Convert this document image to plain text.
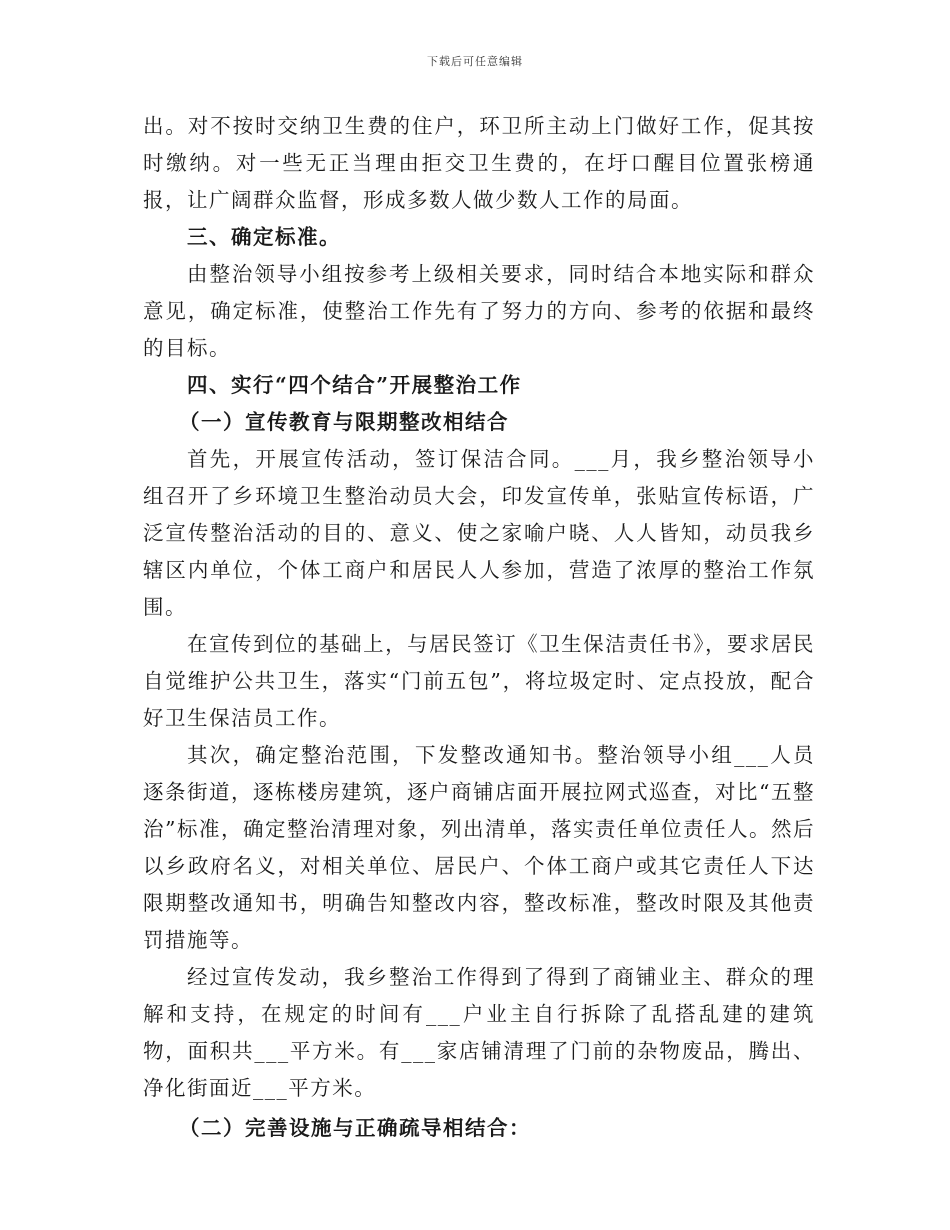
下载后可任意编辑

出。对不按时交纳卫生费的住户，环卫所主动上门做好工作，促其按时缴纳。对一些无正当理由拒交卫生费的，在圩口醒目位置张榜通报，让广阔群众监督，形成多数人做少数人工作的局面。

三、确定标准。

由整治领导小组按参考上级相关要求，同时结合本地实际和群众意见，确定标准，使整治工作先有了努力的方向、参考的依据和最终的目标。

四、实行“四个结合”开展整治工作

（一）宣传教育与限期整改相结合

首先，开展宣传活动，签订保洁合同。___月，我乡整治领导小组召开了乡环境卫生整治动员大会，印发宣传单，张贴宣传标语，广泛宣传整治活动的目的、意义、使之家喻户晓、人人皆知，动员我乡辖区内单位，个体工商户和居民人人参加，营造了浓厚的整治工作氛围。

在宣传到位的基础上，与居民签订《卫生保洁责任书》，要求居民自觉维护公共卫生，落实“门前五包”，将垃圾定时、定点投放，配合好卫生保洁员工作。

其次，确定整治范围，下发整改通知书。整治领导小组___人员逐条街道，逐栋楼房建筑，逐户商铺店面开展拉网式巡查，对比“五整治”标准，确定整治清理对象，列出清单，落实责任单位责任人。然后以乡政府名义，对相关单位、居民户、个体工商户或其它责任人下达限期整改通知书，明确告知整改内容，整改标准，整改时限及其他责罚措施等。

经过宣传发动，我乡整治工作得到了得到了商铺业主、群众的理解和支持，在规定的时间有___户业主自行拆除了乱搭乱建的建筑物，面积共___平方米。有___家店铺清理了门前的杂物废品，腾出、净化街面近___平方米。

（二）完善设施与正确疏导相结合：
